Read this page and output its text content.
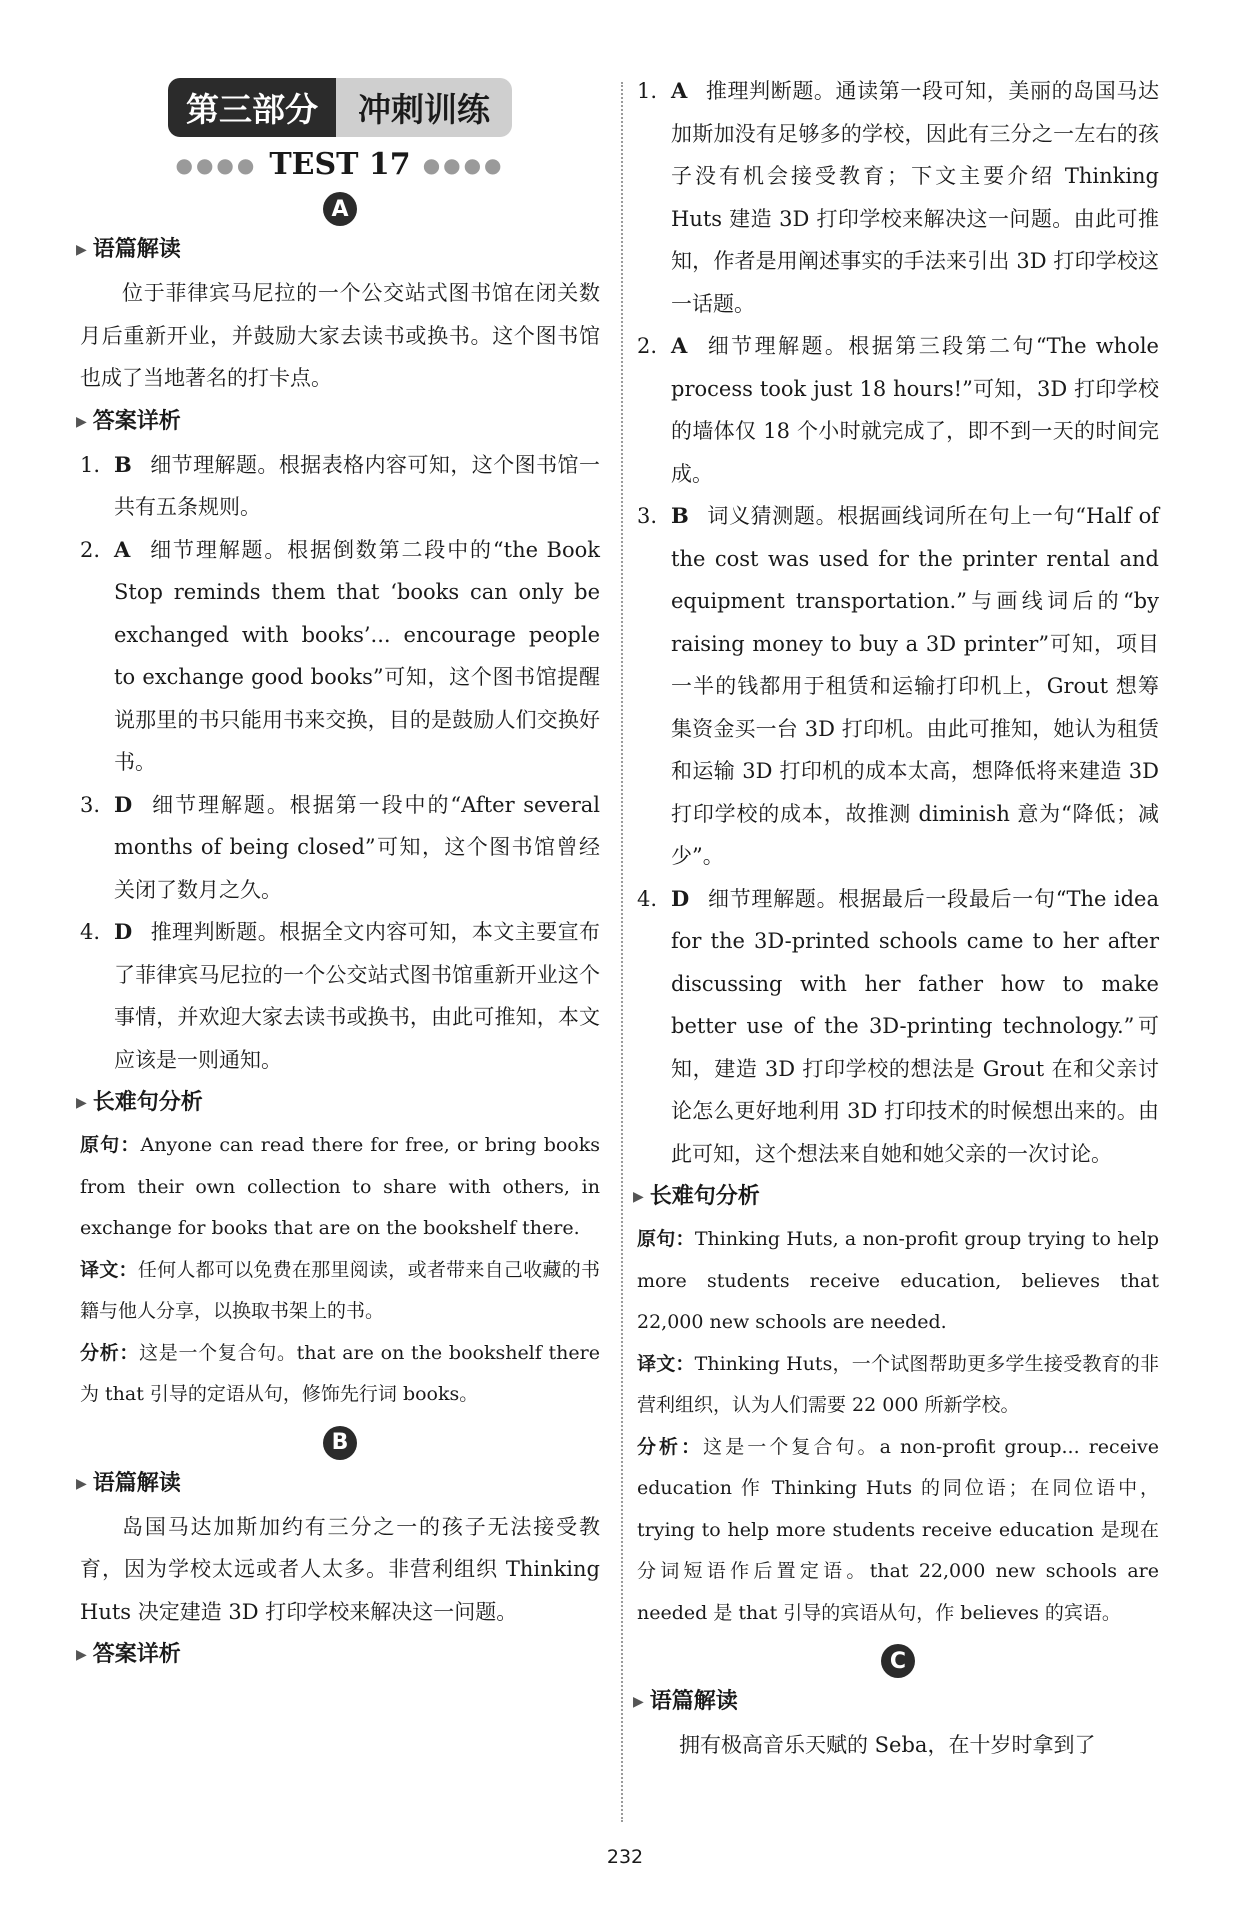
第三部分	冲刺训练
●●●● TEST 17 ●●●●
A
▶ 语篇解读

位于菲律宾马尼拉的一个公交站式图书馆在闭关数月后重新开业，并鼓励大家去读书或换书。这个图书馆也成了当地著名的打卡点。

▶ 答案详析
1. B 细节理解题。根据表格内容可知，这个图书馆一共有五条规则。
2. A 细节理解题。根据倒数第二段中的“the Book Stop reminds them that ‘books can only be exchanged with books’... encourage people to exchange good books”可知，这个图书馆提醒说那里的书只能用书来交换，目的是鼓励人们交换好书。
3. D 细节理解题。根据第一段中的“After several months of being closed”可知，这个图书馆曾经关闭了数月之久。
4. D 推理判断题。根据全文内容可知，本文主要宣布了菲律宾马尼拉的一个公交站式图书馆重新开业这个事情，并欢迎大家去读书或换书，由此可推知，本文应该是一则通知。
▶ 长难句分析

原句：Anyone can read there for free, or bring books from their own collection to share with others, in exchange for books that are on the bookshelf there.

译文：任何人都可以免费在那里阅读，或者带来自己收藏的书籍与他人分享，以换取书架上的书。

分析：这是一个复合句。that are on the bookshelf there 为 that 引导的定语从句，修饰先行词 books。

B
▶ 语篇解读

岛国马达加斯加约有三分之一的孩子无法接受教育，因为学校太远或者人太多。非营利组织 Thinking Huts 决定建造 3D 打印学校来解决这一问题。

▶ 答案详析
1. A 推理判断题。通读第一段可知，美丽的岛国马达加斯加没有足够多的学校，因此有三分之一左右的孩子没有机会接受教育；下文主要介绍 Thinking Huts 建造 3D 打印学校来解决这一问题。由此可推知，作者是用阐述事实的手法来引出 3D 打印学校这一话题。
2. A 细节理解题。根据第三段第二句“The whole process took just 18 hours!”可知，3D 打印学校的墙体仅 18 个小时就完成了，即不到一天的时间完成。
3. B 词义猜测题。根据画线词所在句上一句“Half of the cost was used for the printer rental and equipment transportation.”与画线词后的“by raising money to buy a 3D printer”可知，项目一半的钱都用于租赁和运输打印机上，Grout 想筹集资金买一台 3D 打印机。由此可推知，她认为租赁和运输 3D 打印机的成本太高，想降低将来建造 3D 打印学校的成本，故推测 diminish 意为“降低；减少”。
4. D 细节理解题。根据最后一段最后一句“The idea for the 3D-printed schools came to her after discussing with her father how to make better use of the 3D-printing technology.”可知，建造 3D 打印学校的想法是 Grout 在和父亲讨论怎么更好地利用 3D 打印技术的时候想出来的。由此可知，这个想法来自她和她父亲的一次讨论。
▶ 长难句分析

原句：Thinking Huts, a non-profit group trying to help more students receive education, believes that 22,000 new schools are needed.

译文：Thinking Huts，一个试图帮助更多学生接受教育的非营利组织，认为人们需要 22 000 所新学校。

分析：这是一个复合句。a non-profit group... receive education 作 Thinking Huts 的同位语；在同位语中，trying to help more students receive education 是现在分词短语作后置定语。that 22,000 new schools are needed 是 that 引导的宾语从句，作 believes 的宾语。

C
▶ 语篇解读

拥有极高音乐天赋的 Seba，在十岁时拿到了

232
